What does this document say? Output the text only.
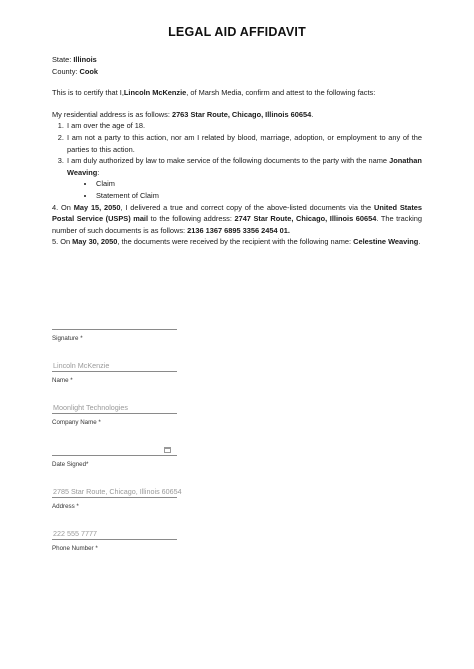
LEGAL AID AFFIDAVIT
State: Illinois
County: Cook
This is to certify that I,Lincoln McKenzie, of Marsh Media, confirm and attest to the following facts:
My residential address is as follows: 2763 Star Route, Chicago, Illinois 60654.
1. I am over the age of 18.
2. I am not a party to this action, nor am I related by blood, marriage, adoption, or employment to any of the parties to this action.
3. I am duly authorized by law to make service of the following documents to the party with the name Jonathan Weaving:
• Claim
• Statement of Claim
4. On May 15, 2050, I delivered a true and correct copy of the above-listed documents via the United States Postal Service (USPS) mail to the following address: 2747 Star Route, Chicago, Illinois 60654. The tracking number of such documents is as follows: 2136 1367 6895 3356 2454 01.
5. On May 30, 2050, the documents were received by the recipient with the following name: Celestine Weaving.
Signature *
Lincoln McKenzie
Name *
Moonlight Technologies
Company Name *
Date Signed*
2785 Star Route, Chicago, Illinois 60654
Address *
222 555 7777
Phone Number *
